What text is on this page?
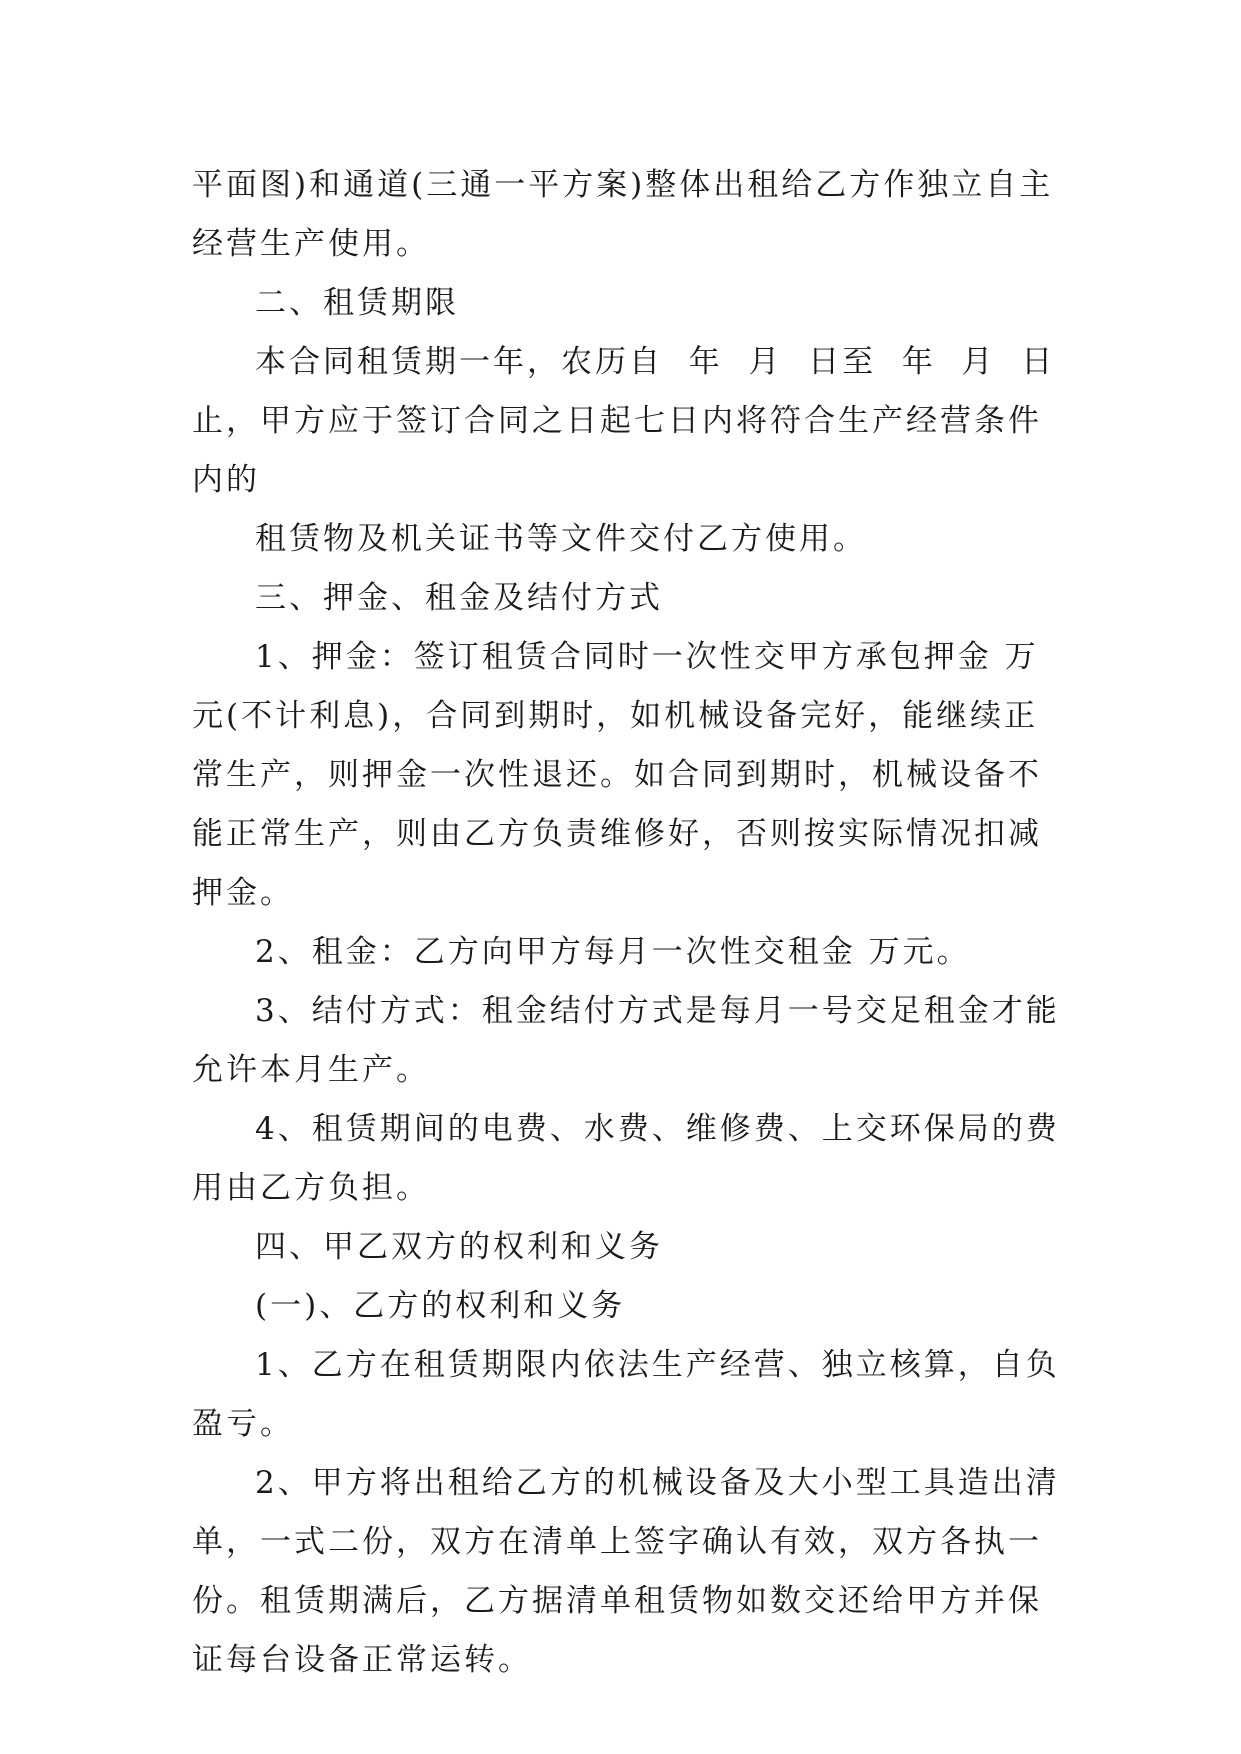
平面图)和通道(三通一平方案)整体出租给乙方作独立自主经营生产使用。

二、租赁期限

本合同租赁期一年，农历自  年  月  日至  年  月  日止，甲方应于签订合同之日起七日内将符合生产经营条件内的

租赁物及机关证书等文件交付乙方使用。

三、押金、租金及结付方式

1、押金：签订租赁合同时一次性交甲方承包押金 万元(不计利息)，合同到期时，如机械设备完好，能继续正常生产，则押金一次性退还。如合同到期时，机械设备不能正常生产，则由乙方负责维修好，否则按实际情况扣减押金。

2、租金：乙方向甲方每月一次性交租金 万元。

3、结付方式：租金结付方式是每月一号交足租金才能允许本月生产。

4、租赁期间的电费、水费、维修费、上交环保局的费用由乙方负担。

四、甲乙双方的权利和义务

(一)、乙方的权利和义务

1、乙方在租赁期限内依法生产经营、独立核算，自负盈亏。

2、甲方将出租给乙方的机械设备及大小型工具造出清单，一式二份，双方在清单上签字确认有效，双方各执一份。租赁期满后，乙方据清单租赁物如数交还给甲方并保证每台设备正常运转。
